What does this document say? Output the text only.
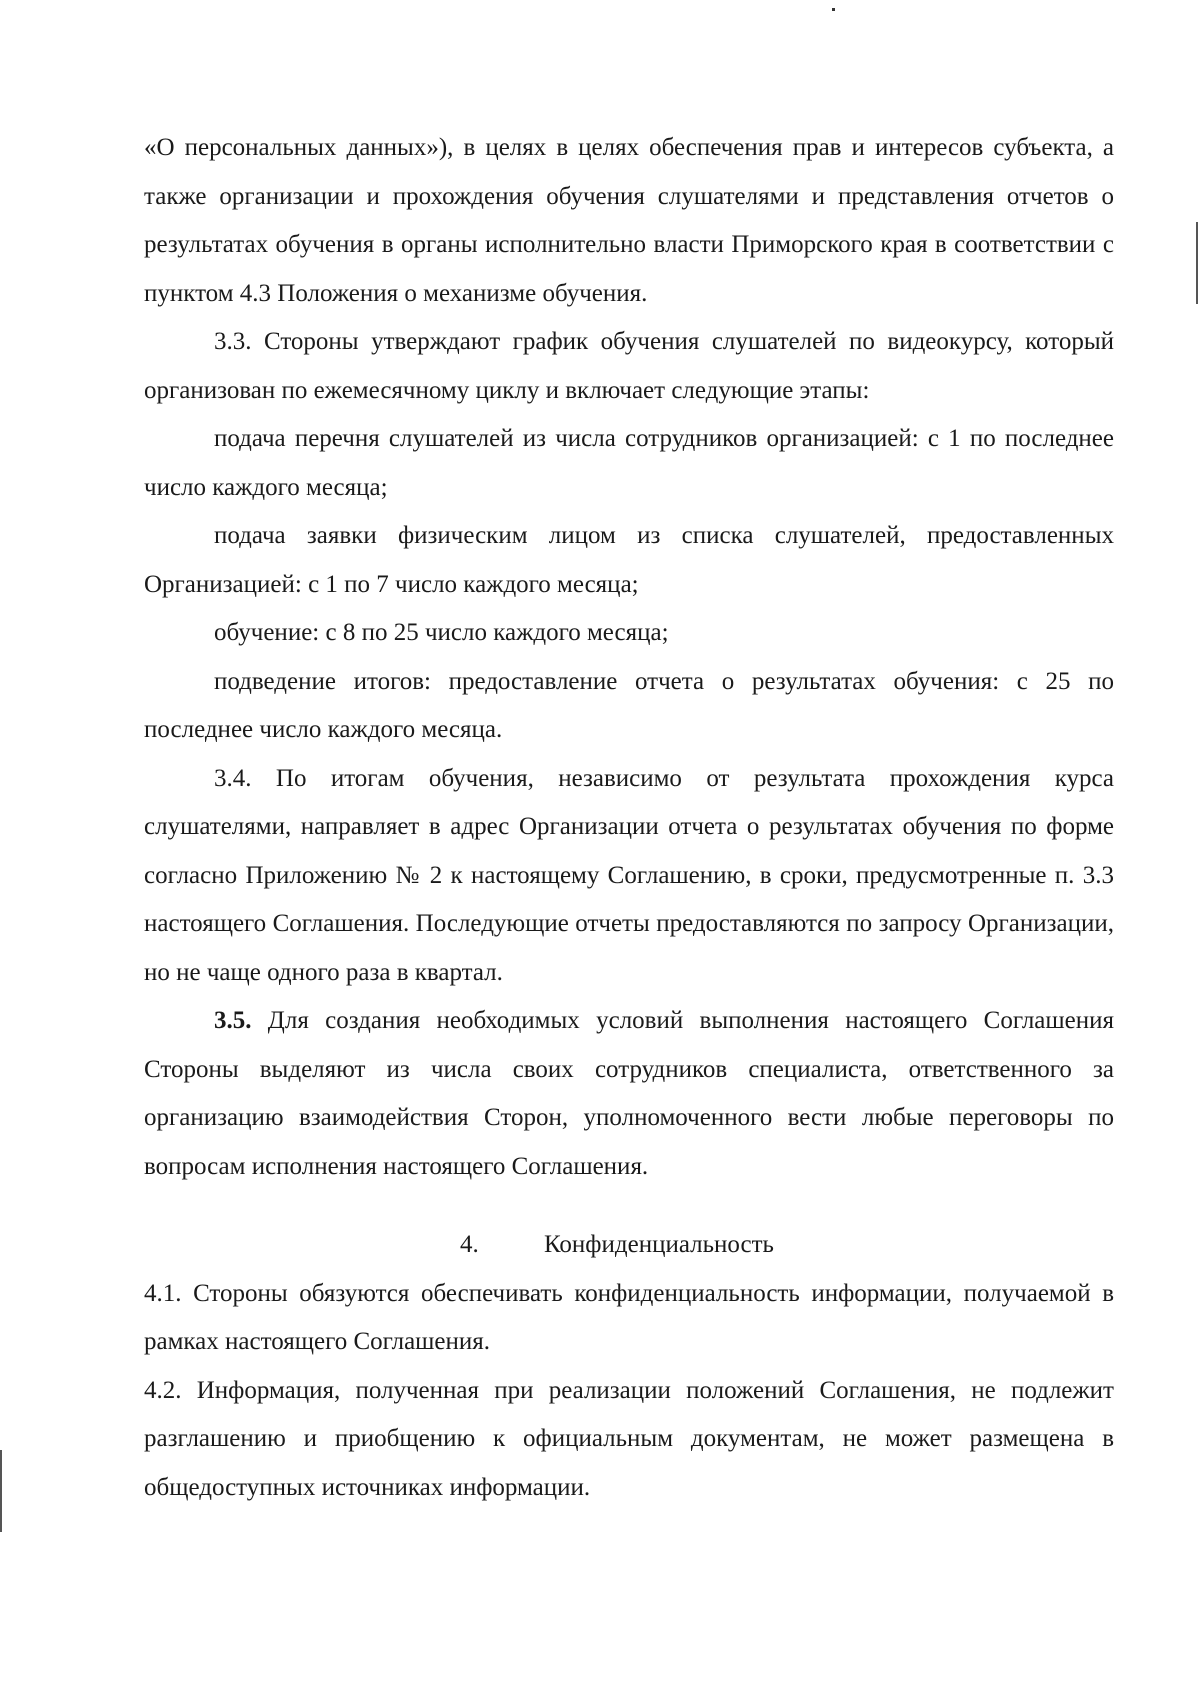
«О персональных данных»), в целях в целях обеспечения прав и интересов субъекта, а также организации и прохождения обучения слушателями и представления отчетов о результатах обучения в органы исполнительно власти Приморского края в соответствии с пунктом 4.3 Положения о механизме обучения.

3.3. Стороны утверждают график обучения слушателей по видеокурсу, который организован по ежемесячному циклу и включает следующие этапы:

подача перечня слушателей из числа сотрудников организацией: с 1 по последнее число каждого месяца;

подача заявки физическим лицом из списка слушателей, предоставленных Организацией: с 1 по 7 число каждого месяца;

обучение: с 8 по 25 число каждого месяца;

подведение итогов: предоставление отчета о результатах обучения: с 25 по последнее число каждого месяца.

3.4. По итогам обучения, независимо от результата прохождения курса слушателями, направляет в адрес Организации отчета о результатах обучения по форме согласно Приложению № 2 к настоящему Соглашению, в сроки, предусмотренные п. 3.3 настоящего Соглашения. Последующие отчеты предоставляются по запросу Организации, но не чаще одного раза в квартал.

3.5. Для создания необходимых условий выполнения настоящего Соглашения Стороны выделяют из числа своих сотрудников специалиста, ответственного за организацию взаимодействия Сторон, уполномоченного вести любые переговоры по вопросам исполнения настоящего Соглашения.

4.	Конфиденциальность

4.1. Стороны обязуются обеспечивать конфиденциальность информации, получаемой в рамках настоящего Соглашения.

4.2. Информация, полученная при реализации положений Соглашения, не подлежит разглашению и приобщению к официальным документам, не может размещена в общедоступных источниках информации.
